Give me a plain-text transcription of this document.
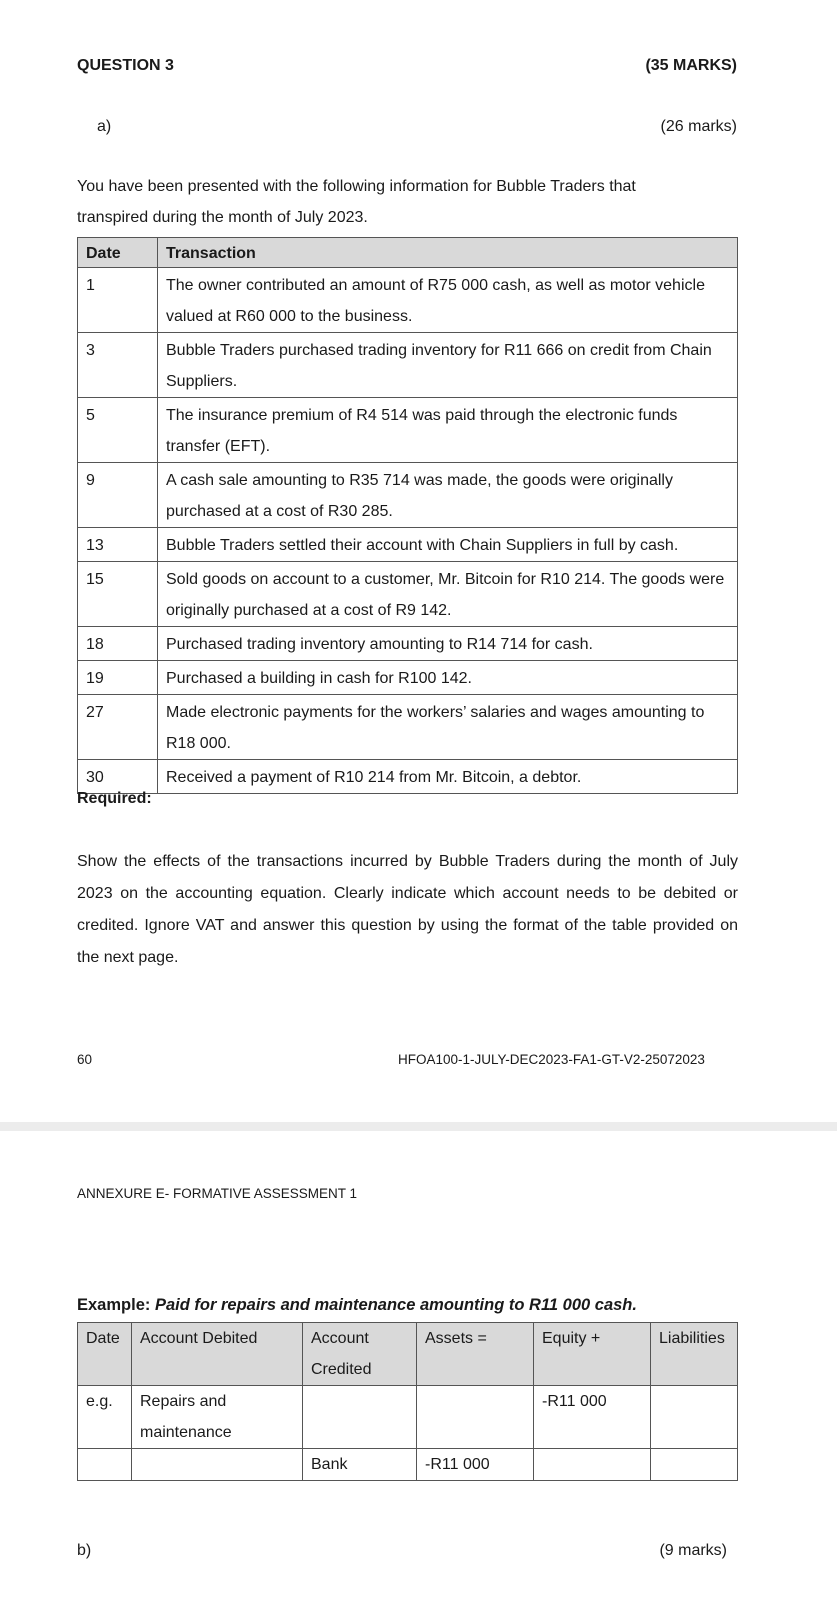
QUESTION 3	(35 MARKS)
a)	(26 marks)
You have been presented with the following information for Bubble Traders that
transpired during the month of July 2023.
Date	Transaction
1	The owner contributed an amount of R75 000 cash, as well as motor vehicle valued at R60 000 to the business.
3	Bubble Traders purchased trading inventory for R11 666 on credit from Chain Suppliers.
5	The insurance premium of R4 514 was paid through the electronic funds transfer (EFT).
9	A cash sale amounting to R35 714 was made, the goods were originally purchased at a cost of R30 285.
13	Bubble Traders settled their account with Chain Suppliers in full by cash.
15	Sold goods on account to a customer, Mr. Bitcoin for R10 214. The goods were originally purchased at a cost of R9 142.
18	Purchased trading inventory amounting to R14 714 for cash.
19	Purchased a building in cash for R100 142.
27	Made electronic payments for the workers’ salaries and wages amounting to R18 000.
30	Received a payment of R10 214 from Mr. Bitcoin, a debtor.
Required:
Show the effects of the transactions incurred by Bubble Traders during the month of July 2023 on the accounting equation. Clearly indicate which account needs to be debited or credited. Ignore VAT and answer this question by using the format of the table provided on the next page.
60	HFOA100-1-JULY-DEC2023-FA1-GT-V2-25072023
ANNEXURE E- FORMATIVE ASSESSMENT 1
Example: Paid for repairs and maintenance amounting to R11 000 cash.
Date	Account Debited	Account Credited	Assets =	Equity +	Liabilities
e.g.	Repairs and maintenance			-R11 000	
		Bank	-R11 000		
b)	(9 marks)
